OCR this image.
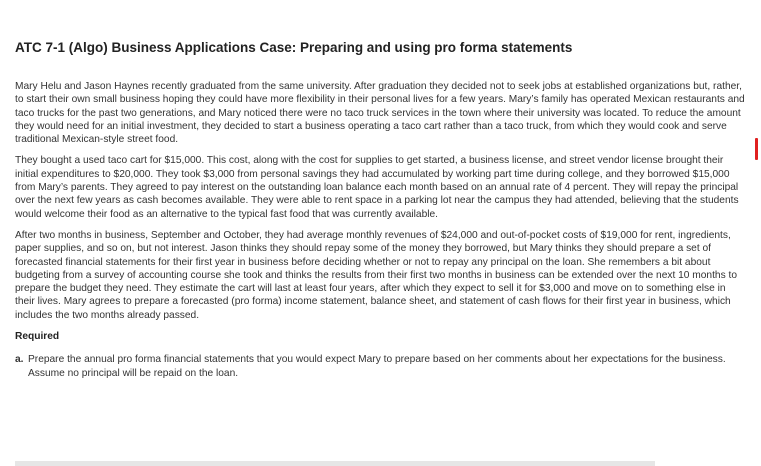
ATC 7-1 (Algo) Business Applications Case: Preparing and using pro forma statements

Mary Helu and Jason Haynes recently graduated from the same university. After graduation they decided not to seek jobs at established organizations but, rather, to start their own small business hoping they could have more flexibility in their personal lives for a few years. Mary’s family has operated Mexican restaurants and taco trucks for the past two generations, and Mary noticed there were no taco truck services in the town where their university was located. To reduce the amount they would need for an initial investment, they decided to start a business operating a taco cart rather than a taco truck, from which they would cook and serve traditional Mexican-style street food.

They bought a used taco cart for $15,000. This cost, along with the cost for supplies to get started, a business license, and street vendor license brought their initial expenditures to $20,000. They took $3,000 from personal savings they had accumulated by working part time during college, and they borrowed $15,000 from Mary’s parents. They agreed to pay interest on the outstanding loan balance each month based on an annual rate of 4 percent. They will repay the principal over the next few years as cash becomes available. They were able to rent space in a parking lot near the campus they had attended, believing that the students would welcome their food as an alternative to the typical fast food that was currently available.

After two months in business, September and October, they had average monthly revenues of $24,000 and out-of-pocket costs of $19,000 for rent, ingredients, paper supplies, and so on, but not interest. Jason thinks they should repay some of the money they borrowed, but Mary thinks they should prepare a set of forecasted financial statements for their first year in business before deciding whether or not to repay any principal on the loan. She remembers a bit about budgeting from a survey of accounting course she took and thinks the results from their first two months in business can be extended over the next 10 months to prepare the budget they need. They estimate the cart will last at least four years, after which they expect to sell it for $3,000 and move on to something else in their lives. Mary agrees to prepare a forecasted (pro forma) income statement, balance sheet, and statement of cash flows for their first year in business, which includes the two months already passed.

Required
a. Prepare the annual pro forma financial statements that you would expect Mary to prepare based on her comments about her expectations for the business. Assume no principal will be repaid on the loan.
